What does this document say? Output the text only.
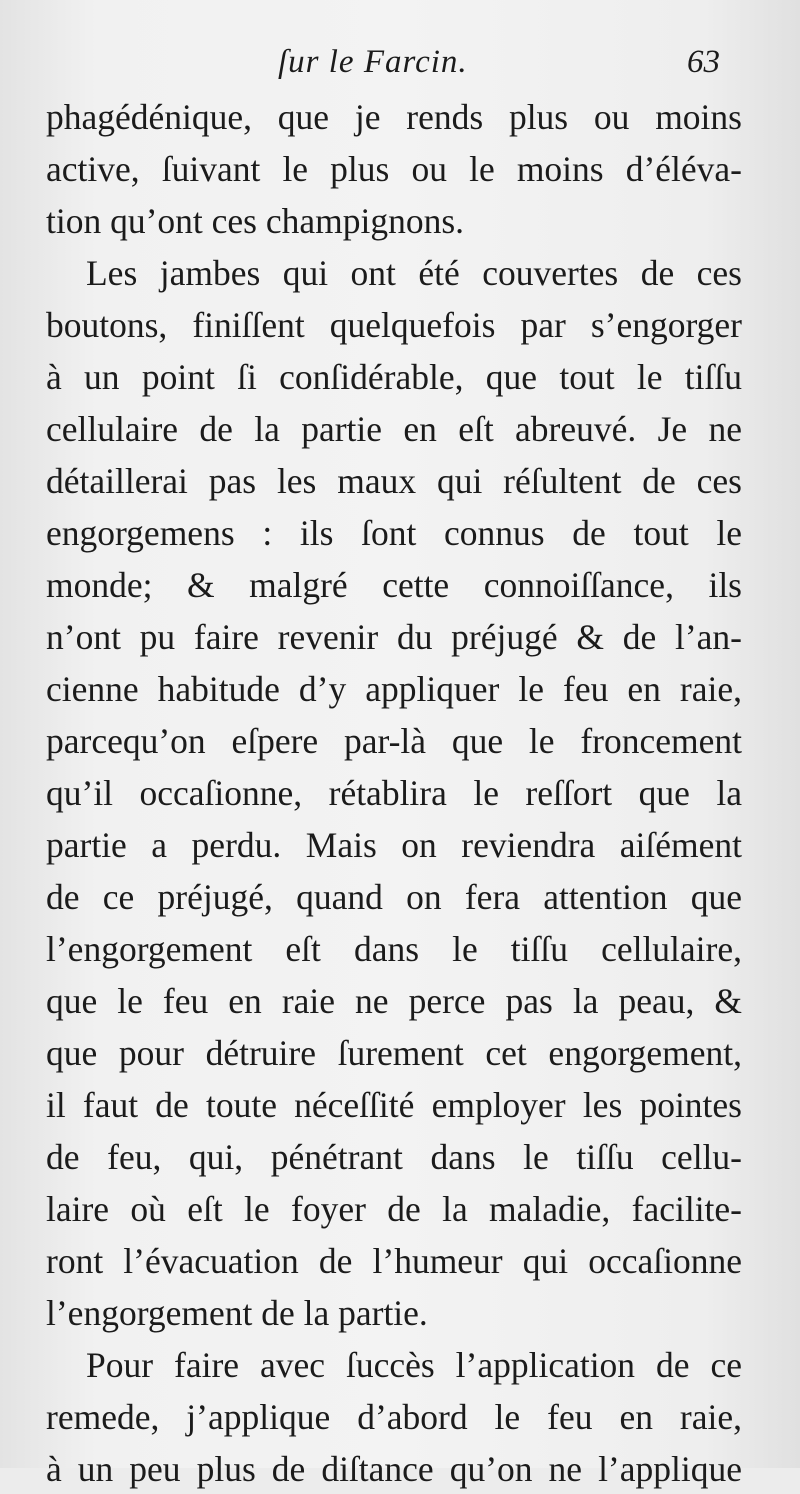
ſur le Farcin.	63
phagédénique, que je rends plus ou moins
active, ſuivant le plus ou le moins d’éléva-
tion qu’ont ces champignons.
Les jambes qui ont été couvertes de ces
boutons, finiſſent quelquefois par s’engorger
à un point ſi conſidérable, que tout le tiſſu
cellulaire de la partie en eſt abreuvé. Je ne
détaillerai pas les maux qui réſultent de ces
engorgemens : ils ſont connus de tout le
monde; & malgré cette connoiſſance, ils
n’ont pu faire revenir du préjugé & de l’an-
cienne habitude d’y appliquer le feu en raie,
parcequ’on eſpere par-là que le froncement
qu’il occaſionne, rétablira le reſſort que la
partie a perdu. Mais on reviendra aiſément
de ce préjugé, quand on fera attention que
l’engorgement eſt dans le tiſſu cellulaire,
que le feu en raie ne perce pas la peau, &
que pour détruire ſurement cet engorgement,
il faut de toute néceſſité employer les pointes
de feu, qui, pénétrant dans le tiſſu cellu-
laire où eſt le foyer de la maladie, facilite-
ront l’évacuation de l’humeur qui occaſionne
l’engorgement de la partie.
Pour faire avec ſuccès l’application de ce
remede, j’applique d’abord le feu en raie,
à un peu plus de diſtance qu’on ne l’applique
